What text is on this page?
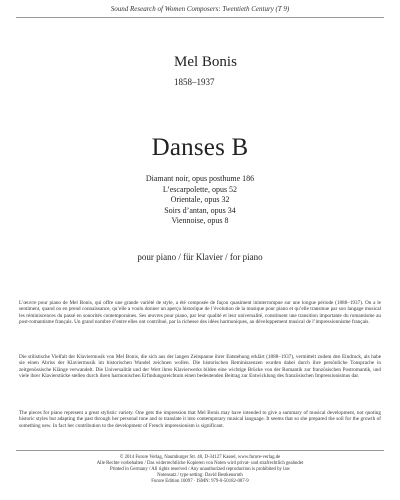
Sound Research of Women Composers: Twentieth Century (T 9)
Mel Bonis
1858–1937
Danses B
Diamant noir, opus posthume 186
L’escarpolette, opus 52
Orientale, opus 32
Soirs d’antan, opus 34
Viennoise, opus 8
pour piano / für Klavier / for piano

L’œuvre pour piano de Mel Bonis, qui offre une grande variété de style, a été composée de façon quasiment ininterrompue sur une longue période (1888–1937). On a le sentiment, quand on en prend connaissance, qu’elle a voulu donner un aperçu historique de l’évolution de la musique pour piano et qu’elle transmue par son langage musical les réminiscences du passé en sonorités contemporaines. Ses œuvres pour piano, par leur qualité et leur universalité, constituent une transition importante du romantisme au post-romantisme français. Un grand nombre d’entre elles ont contribué, par la richesse des idées harmoniques, au développement musical de l’impressionnisme français.

Die stilistische Vielfalt der Klaviermusik von Mel Bonis, die sich aus der langen Zeitspanne ihrer Entstehung erklärt (1888–1937), vermittelt zudem den Eindruck, als habe sie einen Abriss der Klaviermusik im historischen Wandel zeichnen wollen. Die historischen Reminiszenzen wurden dabei durch ihre persönliche Tonsprache in zeitgenössische Klänge verwandelt. Die Universalität und der Wert ihres Klavierwerks bilden eine wichtige Brücke von der Romantik zur französischen Postromantik, und viele ihrer Klavierstücke stellen durch ihren harmonischen Erfindungsreichtum einen bedeutenden Beitrag zur Entwicklung des französischen Impressionismus dar.

The pieces for piano represent a great stylistic variety. One gets the impression that Mel Bonis may have intended to give a summary of musical development, not quoting historic styles but adapting the past through her personal tone and to translate it into contemporary musical language. It seems that so she prepared the soil for the growth of something new. In fact her contribution to the development of French impressionism is significant.

© 2014 Furore Verlag, Naumburger Str. 40, D-34127 Kassel, www.furore-verlag.de
Alle Rechte vorbehalten / Das widerrechtliche Kopieren von Noten wird privat- und strafrechtlich geahndet
Printed in Germany / All rights reserved / Any unauthorized reproduction is prohibited by law
Notensatz / type setting: David Bestkensroth
Furore Edition 10097 · ISMN: 979-0-50182-087-9
